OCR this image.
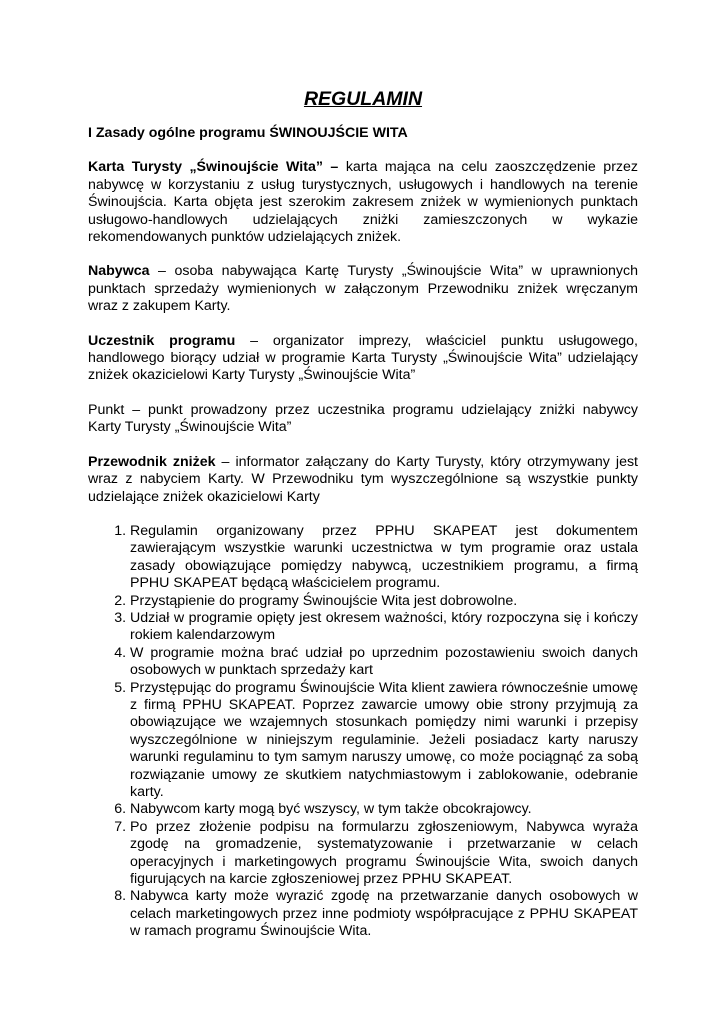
REGULAMIN

I Zasady ogólne programu ŚWINOUJŚCIE WITA

Karta Turysty „Świnoujście Wita” – karta mająca na celu zaoszczędzenie przez nabywcę w korzystaniu z usług turystycznych, usługowych i handlowych na terenie Świnoujścia. Karta objęta jest szerokim zakresem zniżek w wymienionych punktach usługowo-handlowych udzielających zniżki zamieszczonych w wykazie rekomendowanych punktów udzielających zniżek.

Nabywca – osoba nabywająca Kartę Turysty „Świnoujście Wita” w uprawnionych punktach sprzedaży wymienionych w załączonym Przewodniku zniżek wręczanym wraz z zakupem Karty.

Uczestnik programu – organizator imprezy, właściciel punktu usługowego, handlowego biorący udział w programie Karta Turysty „Świnoujście Wita” udzielający zniżek okazicielowi Karty Turysty „Świnoujście Wita”

Punkt – punkt prowadzony przez uczestnika programu udzielający zniżki nabywcy Karty Turysty „Świnoujście Wita”

Przewodnik zniżek – informator załączany do Karty Turysty, który otrzymywany jest wraz z nabyciem Karty. W Przewodniku tym wyszczególnione są wszystkie punkty udzielające zniżek okazicielowi Karty

1. Regulamin organizowany przez PPHU SKAPEAT jest dokumentem zawierającym wszystkie warunki uczestnictwa w tym programie oraz ustala zasady obowiązujące pomiędzy nabywcą, uczestnikiem programu, a firmą PPHU SKAPEAT będącą właścicielem programu.
2. Przystąpienie do programy Świnoujście Wita jest dobrowolne.
3. Udział w programie opięty jest okresem ważności, który rozpoczyna się i kończy rokiem kalendarzowym
4. W programie można brać udział po uprzednim pozostawieniu swoich danych osobowych w punktach sprzedaży kart
5. Przystępując do programu Świnoujście Wita klient zawiera równocześnie umowę z firmą PPHU SKAPEAT. Poprzez zawarcie umowy obie strony przyjmują za obowiązujące we wzajemnych stosunkach pomiędzy nimi warunki i przepisy wyszczególnione w niniejszym regulaminie. Jeżeli posiadacz karty naruszy warunki regulaminu to tym samym naruszy umowę, co może pociągnąć za sobą rozwiązanie umowy ze skutkiem natychmiastowym i zablokowanie, odebranie karty.
6. Nabywcom karty mogą być wszyscy, w tym także obcokrajowcy.
7. Po przez złożenie podpisu na formularzu zgłoszeniowym, Nabywca wyraża zgodę na gromadzenie, systematyzowanie i przetwarzanie w celach operacyjnych i marketingowych programu Świnoujście Wita, swoich danych figurujących na karcie zgłoszeniowej przez PPHU SKAPEAT.
8. Nabywca karty może wyrazić zgodę na przetwarzanie danych osobowych w celach marketingowych przez inne podmioty współpracujące z PPHU SKAPEAT w ramach programu Świnoujście Wita.
